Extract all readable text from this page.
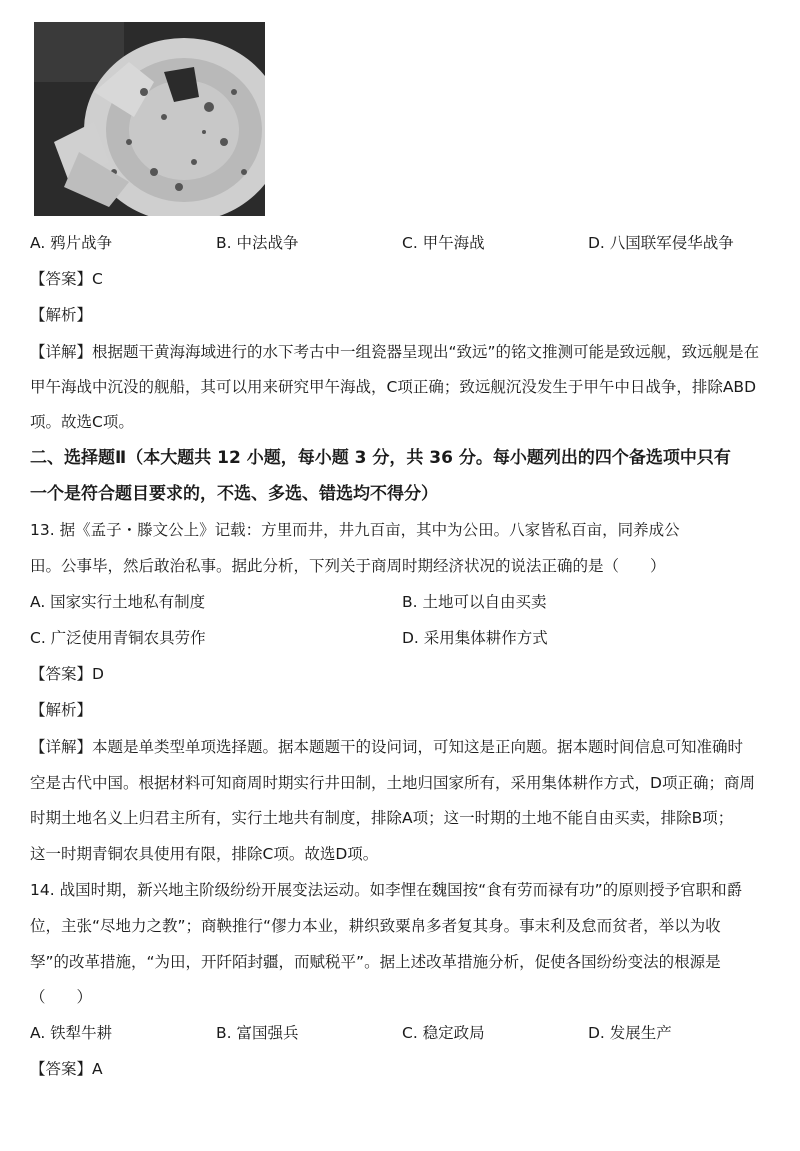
A. 鸦片战争	B. 中法战争	C. 甲午海战	D. 八国联军侵华战争
【答案】C
【解析】
【详解】根据题干黄海海域进行的水下考古中一组瓷器呈现出“致远”的铭文推测可能是致远舰，致远舰是在
甲午海战中沉没的舰船，其可以用来研究甲午海战，C项正确；致远舰沉没发生于甲午中日战争，排除ABD
项。故选C项。
二、选择题Ⅱ（本大题共 12 小题，每小题 3 分，共 36 分。每小题列出的四个备选项中只有
一个是符合题目要求的，不选、多选、错选均不得分）
13. 据《孟子・滕文公上》记载：方里而井，井九百亩，其中为公田。八家皆私百亩，同养成公
田。公事毕，然后敢治私事。据此分析，下列关于商周时期经济状况的说法正确的是（　　）
A. 国家实行土地私有制度	B. 土地可以自由买卖
C. 广泛使用青铜农具劳作	D. 采用集体耕作方式
【答案】D
【解析】
【详解】本题是单类型单项选择题。据本题题干的设问词，可知这是正向题。据本题时间信息可知准确时
空是古代中国。根据材料可知商周时期实行井田制，土地归国家所有，采用集体耕作方式，D项正确；商周
时期土地名义上归君主所有，实行土地共有制度，排除A项；这一时期的土地不能自由买卖，排除B项；
这一时期青铜农具使用有限，排除C项。故选D项。
14. 战国时期，新兴地主阶级纷纷开展变法运动。如李悝在魏国按“食有劳而禄有功”的原则授予官职和爵
位，主张“尽地力之教”；商鞅推行“僇力本业，耕织致粟帛多者复其身。事末利及怠而贫者，举以为收
孥”的改革措施，“为田，开阡陌封疆，而赋税平”。据上述改革措施分析，促使各国纷纷变法的根源是
（　　）
A. 铁犁牛耕	B. 富国强兵	C. 稳定政局	D. 发展生产
【答案】A
